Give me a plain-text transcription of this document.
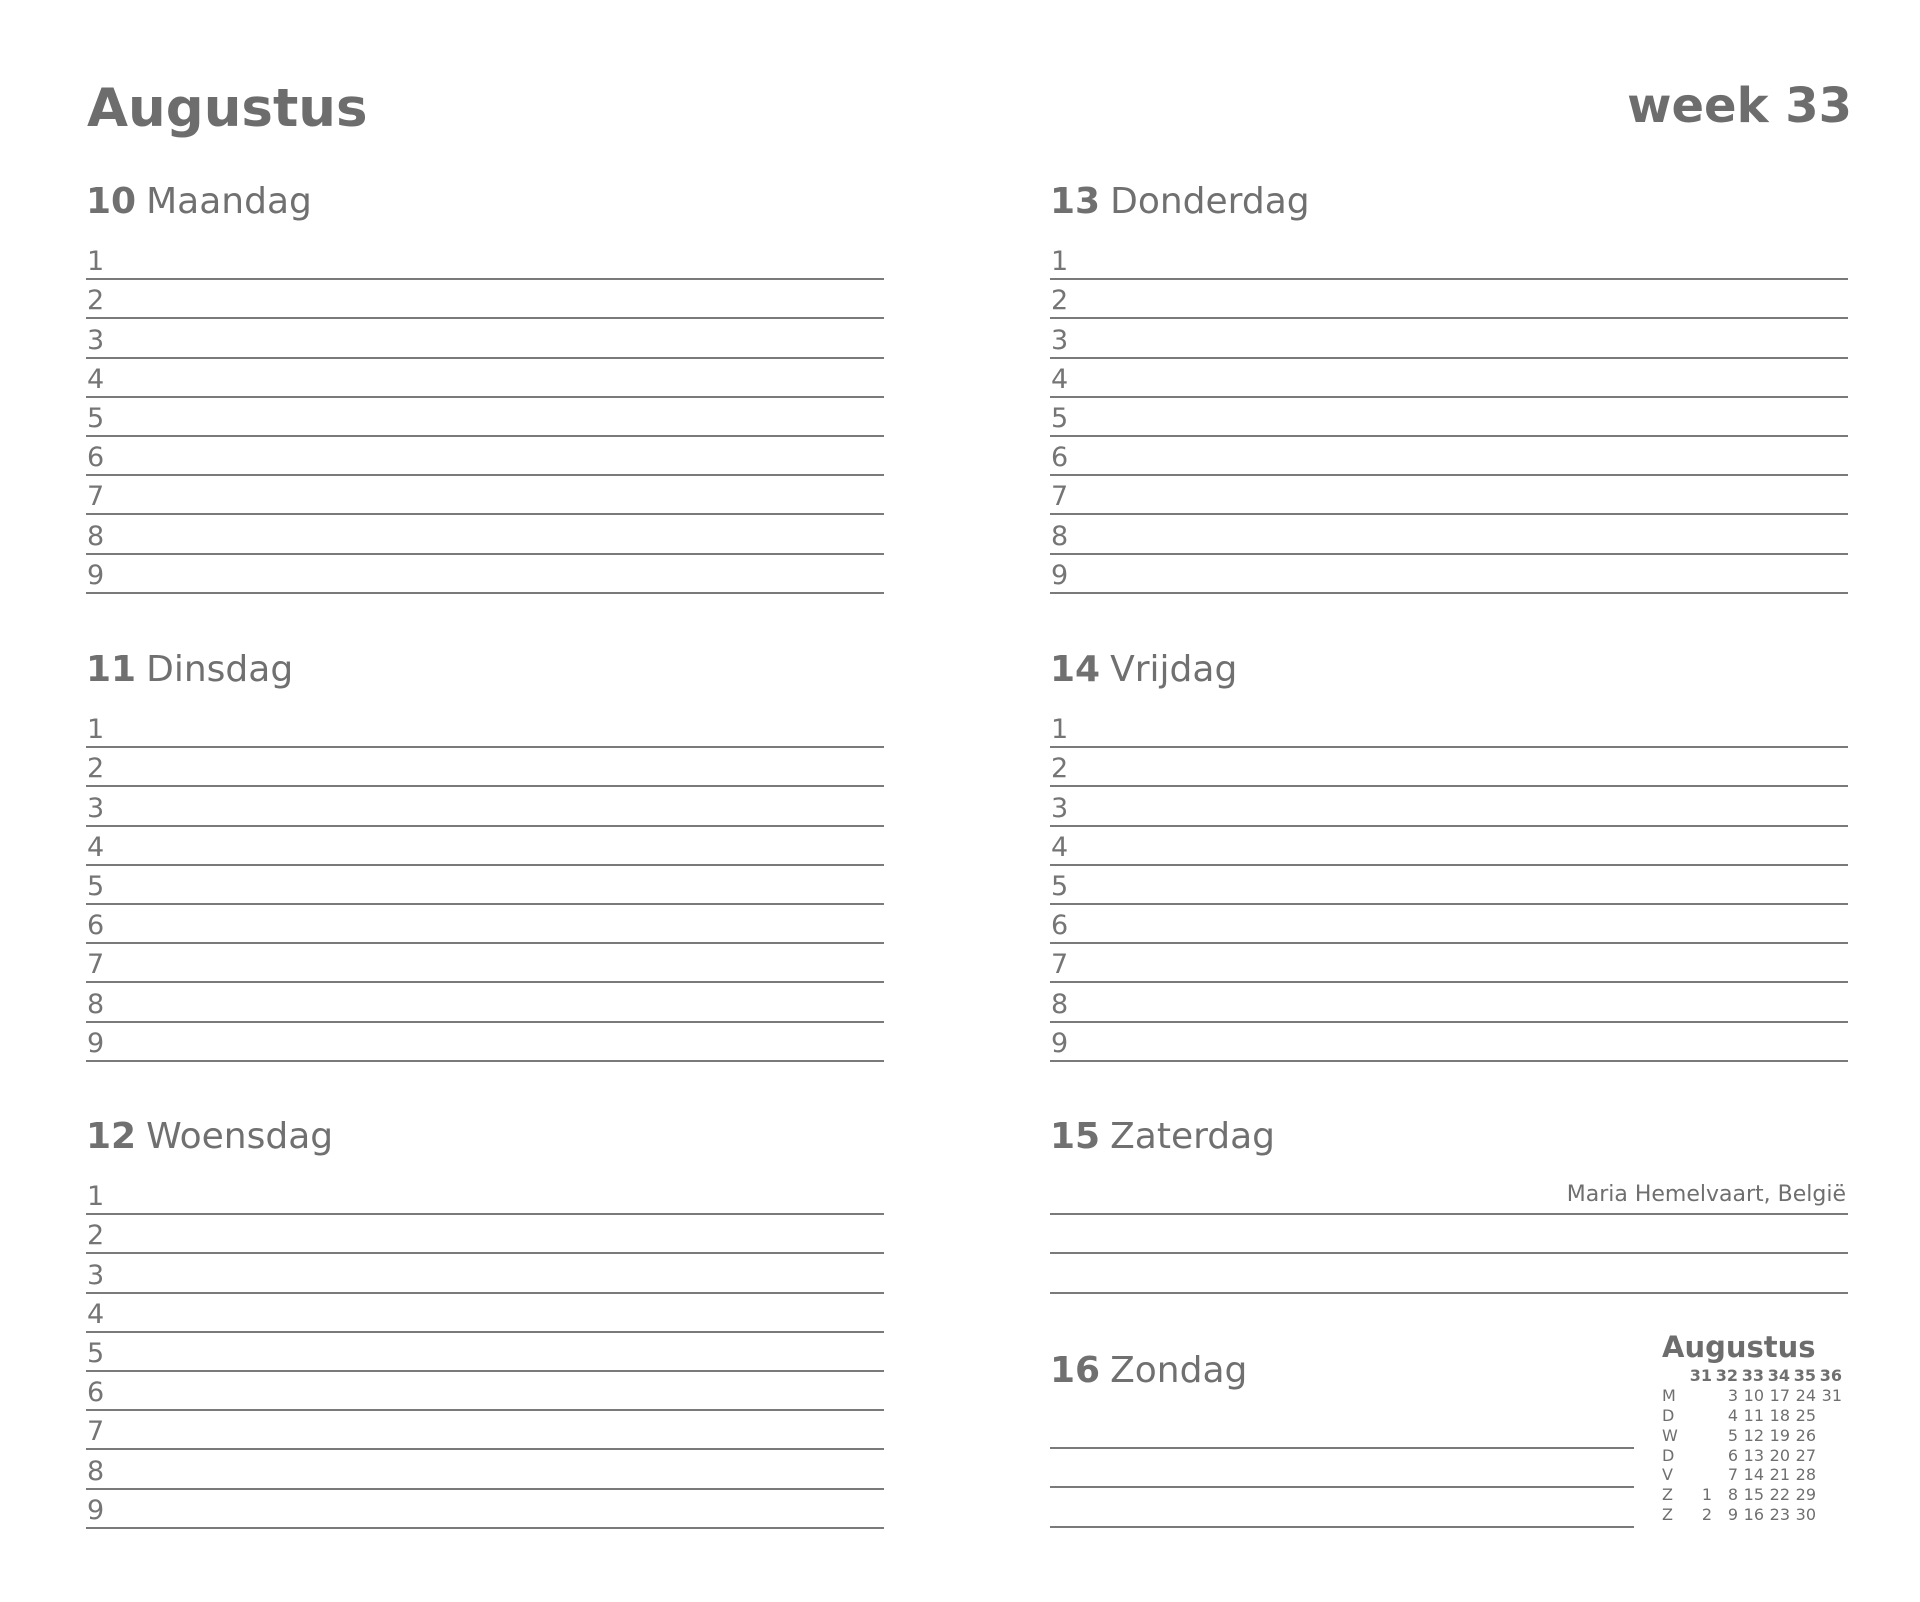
Augustus	week 33
10 Maandag
1
2
3
4
5
6
7
8
9
11 Dinsdag
1
2
3
4
5
6
7
8
9
12 Woensdag
1
2
3
4
5
6
7
8
9
13 Donderdag
1
2
3
4
5
6
7
8
9
14 Vrijdag
1
2
3
4
5
6
7
8
9
15 Zaterdag
Maria Hemelvaart, België
16 Zondag
Augustus
	31	32	33	34	35	36
M		3	10	17	24	31
D		4	11	18	25	
W		5	12	19	26	
D		6	13	20	27	
V		7	14	21	28	
Z	1	8	15	22	29	
Z	2	9	16	23	30	
